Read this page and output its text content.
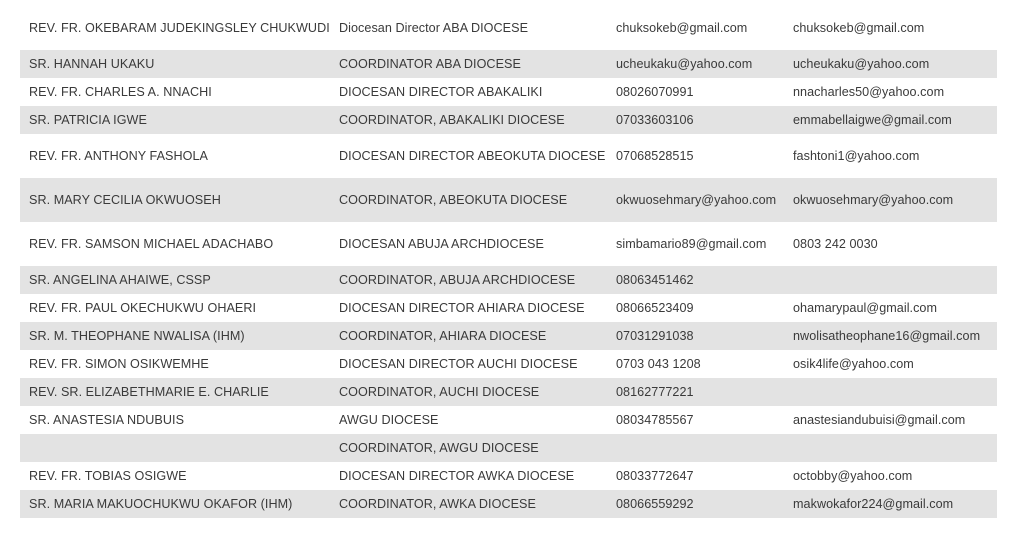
REV. FR. OKEBARAM JUDEKINGSLEY CHUKWUDI	Diocesan Director ABA DIOCESE	chuksokeb@gmail.com	chuksokeb@gmail.com
SR. HANNAH UKAKU	COORDINATOR ABA DIOCESE	ucheukaku@yahoo.com	ucheukaku@yahoo.com
REV. FR. CHARLES A. NNACHI	DIOCESAN DIRECTOR ABAKALIKI	08026070991	nnacharles50@yahoo.com
SR. PATRICIA IGWE	COORDINATOR, ABAKALIKI DIOCESE	07033603106	emmabellaigwe@gmail.com
REV. FR. ANTHONY FASHOLA	DIOCESAN DIRECTOR ABEOKUTA DIOCESE	07068528515	fashtoni1@yahoo.com
SR. MARY CECILIA OKWUOSEH	COORDINATOR, ABEOKUTA DIOCESE	okwuosehmary@yahoo.com	okwuosehmary@yahoo.com
REV. FR. SAMSON MICHAEL ADACHABO	DIOCESAN ABUJA ARCHDIOCESE	simbamario89@gmail.com	0803 242 0030
SR. ANGELINA AHAIWE, CSSP	COORDINATOR, ABUJA ARCHDIOCESE	08063451462	
REV. FR. PAUL OKECHUKWU OHAERI	DIOCESAN DIRECTOR AHIARA DIOCESE	08066523409	ohamarypaul@gmail.com
SR. M. THEOPHANE NWALISA (IHM)	COORDINATOR, AHIARA DIOCESE	07031291038	nwolisatheophane16@gmail.com
REV. FR. SIMON OSIKWEMHE	DIOCESAN DIRECTOR AUCHI DIOCESE	0703 043 1208	osik4life@yahoo.com
REV. SR. ELIZABETHMARIE E. CHARLIE	COORDINATOR, AUCHI DIOCESE	08162777221	
SR. ANASTESIA NDUBUIS	AWGU DIOCESE	08034785567	anastesiandubuisi@gmail.com
	COORDINATOR, AWGU DIOCESE		
REV. FR. TOBIAS OSIGWE	DIOCESAN DIRECTOR AWKA DIOCESE	08033772647	octobby@yahoo.com
SR. MARIA MAKUOCHUKWU OKAFOR (IHM)	COORDINATOR, AWKA DIOCESE	08066559292	makwokafor224@gmail.com
